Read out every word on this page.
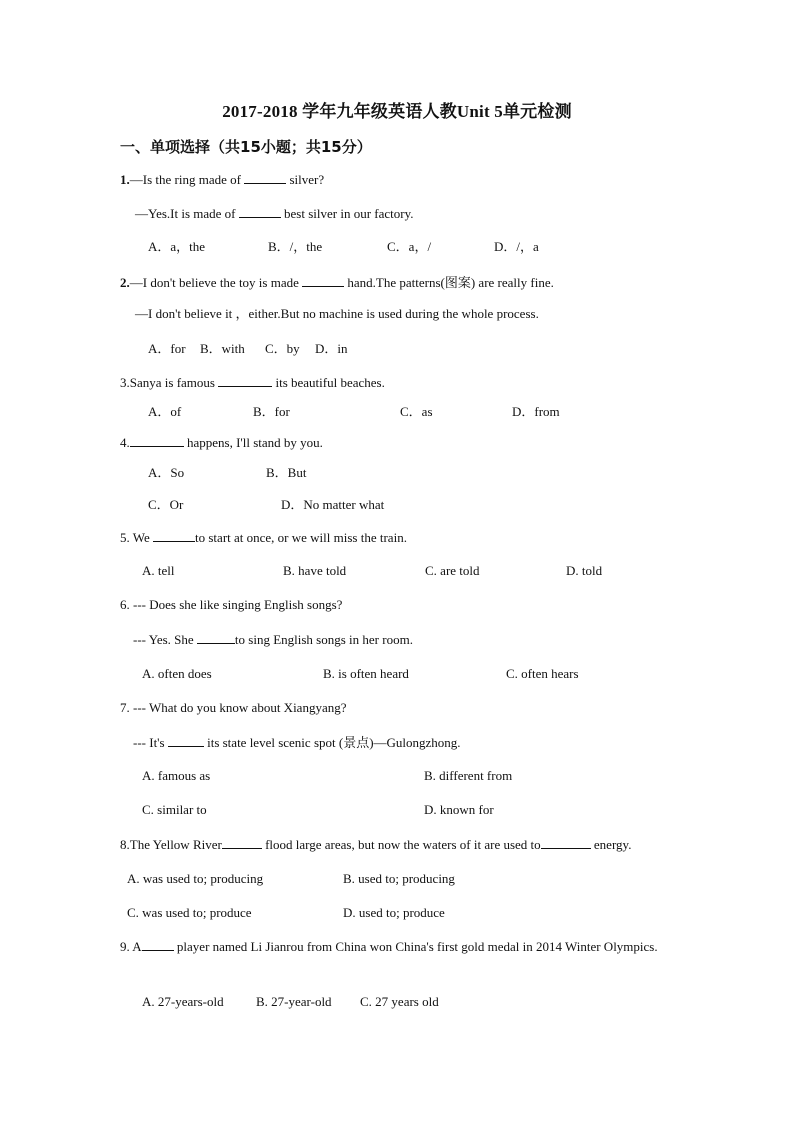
2017-2018 学年九年级英语人教Unit 5单元检测
一、单项选择（共15小题；共15分）
1.—Is the ring made of	silver?
—Yes.It is made of	best silver in our factory.
A．a，the	B．/，the	C．a，/	D．/，a
2.—I don't believe the toy is made	hand.The patterns(图案) are really fine.
—I don't believe it ，either.But no machine is used during the whole process.
A．for B．with C．by D．in
3.Sanya is famous	its beautiful beaches.
A．of	B．for	C．as	D．from
4.	happens, I'll stand by you.
A．So	B．But
C．Or	D．No matter what
5. We	to start at once, or we will miss the train.
A. tell	B. have told	C. are told	D. told
6. --- Does she like singing English songs?
--- Yes. She	to sing English songs in her room.
A. often does	B. is often heard	C. often hears
7. --- What do you know about Xiangyang?
--- It's	its state level scenic spot (景点)—Gulongzhong.
A. famous as	B. different from
C. similar to	D. known for
8.The Yellow River	flood large areas, but now the waters of it are used to	energy.
A. was used to; producing	B. used to; producing
C. was used to; produce	D. used to; produce
9. A player named Li Jianrou from China won China's first gold medal in 2014 Winter Olympics.
A. 27-years-old B. 27-year-old C. 27 years old
